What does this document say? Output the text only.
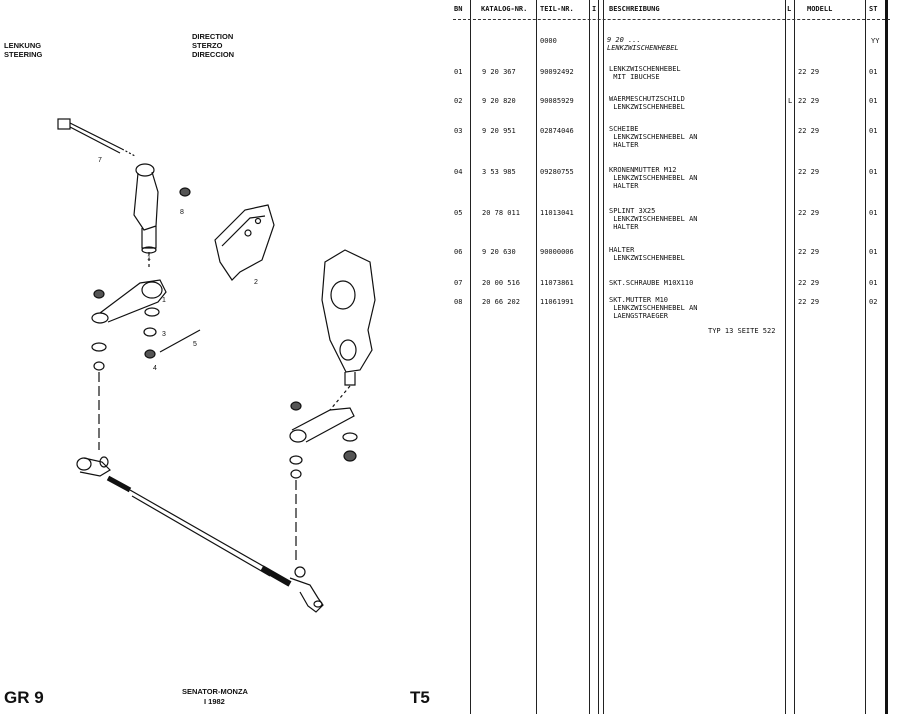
LENKUNG
STEERING
DIRECTION
STERZO
DIRECCION
7
8
1
2
3
4
5
1
GR 9	SENATOR-MONZA
I 1982	T5
BN	KATALOG-NR. TEIL-NR.	I BESCHREIBUNG	L MODELL	ST
0000	9 20 ...
LENKZWISCHENHEBEL
YY
01	9 20 367	90092492	LENKZWISCHENHEBEL
MIT IBUCHSE
22 29	01
02	9 20 820	90085929	WAERMESCHUTZSCHILD
LENKZWISCHENHEBEL
L 22 29	01
03	9 20 951	02874046	SCHEIBE
LENKZWISCHENHEBEL AN
HALTER
22 29	01
04	3 53 985	09280755	KRONENMUTTER M12
LENKZWISCHENHEBEL AN
HALTER
22 29	01
05	20 78 011	11013041	SPLINT 3X25
LENKZWISCHENHEBEL AN
HALTER
22 29	01
06	9 20 630	90000006	HALTER
LENKZWISCHENHEBEL
22 29	01
07	20 00 516	11073861	SKT.SCHRAUBE M10X110	22 29	01
08	20 66 202	11061991	SKT.MUTTER M10
LENKZWISCHENHEBEL AN
LAENGSTRAEGER
22 29	02
TYP 13 SEITE 522
